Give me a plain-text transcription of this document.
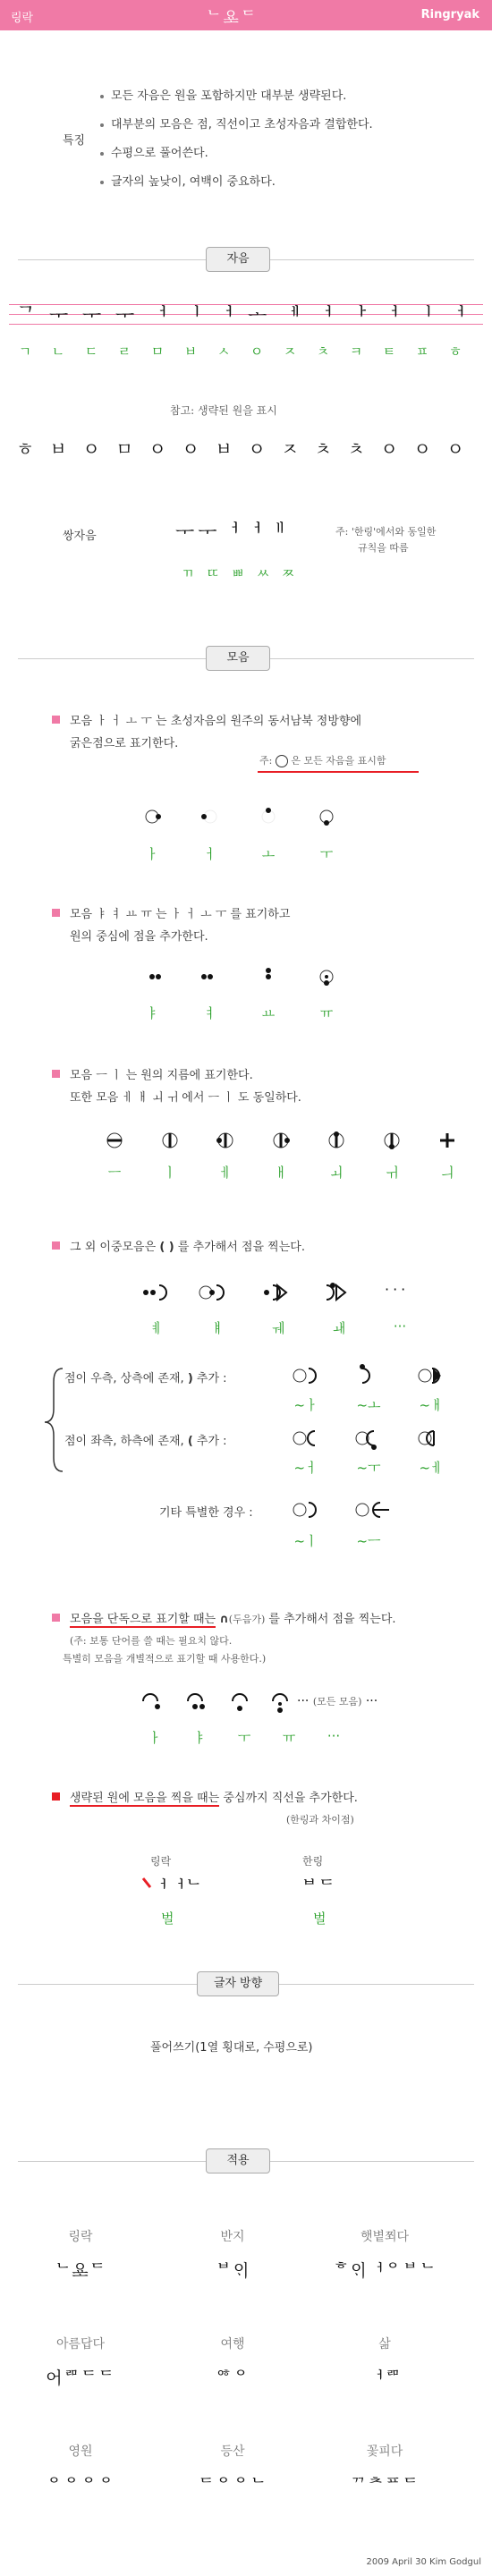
링락	ᄂᄋᆇᄃ	Ringryak
특징
모든 자음은 원을 포함하지만 대부분 생략된다.
대부분의 모음은 점, 직선이고 초성자음과 결합한다.
수평으로 풀어쓴다.
글자의 높낮이, 여백이 중요하다.
자음
ᄀ ᅮ ᅮ ᅮ ᅥ ᅵ ᅥ ᅩ ᅦ ᅥ ᅡ ᅥ ᅵ ᅥ
ㄱ ㄴ ㄷ ㄹ ㅁ ㅂ ㅅ ㅇ ㅈ ㅊ ㅋ ㅌ ㅍ ㅎ
참고: 생략된 원을 표시
ㅎ ㅂ ㅇ ㅁ ㅇ ㅇ ㅂ ㅇ ㅈ ㅊ ㅊ ㅇ ㅇ ㅇ
쌍자음	ᅮᅮᅥᅥᅵᅵ
ㄲ ㄸ ㅃ ㅆ ㅉ
주: '한링'에서와 동일한
규칙을 따름
모음
모음 ㅏ ㅓ ㅗ ㅜ 는 초성자음의 원주의 동서남북 정방향에
굵은점으로 표기한다.
주: 은 모든 자음을 표시함
ㅏ	ㅓ	ㅗ	ㅜ
모음 ㅑ ㅕ ㅛ ㅠ 는 ㅏ ㅓ ㅗ ㅜ 를 표기하고
원의 중심에 점을 추가한다.
ㅑ	ㅕ	ㅛ	ㅠ
모음 ㅡ ㅣ 는 원의 지름에 표기한다.
또한 모음 ㅔ ㅐ ㅚ ㅟ 에서 ㅡ ㅣ 도 동일하다.
ㅡ	ㅣ	ㅔ	ㅐ	ㅚ	ㅟ	ㅢ
그 외 이중모음은 ( ) 를 추가해서 점을 찍는다.
···
ㅖ	ㅒ	ㅞ	ㅙ	···
점이 우측, 상측에 존재, ) 추가 :
~ㅏ	~ㅗ	~ㅐ
점이 좌측, 하측에 존재, ( 추가 :
~ㅓ	~ㅜ	~ㅔ
기타 특별한 경우 :
~ㅣ	~ㅡ
모음을 단독으로 표기할 때는 ∩(두음가) 를 추가해서 점을 찍는다.
(주: 보통 단어를 쓸 때는 필요치 않다.
특별히 모음을 개별적으로 표기할 때 사용한다.)
··· (모든 모음) ···
ㅏ	ㅑ	ㅜ	ㅠ	···
생략된 원에 모음을 찍을 때는 중심까지 직선을 추가한다.
(한링과 차이점)
링락	한링
ᅥᅥᄂ	ᄇᄃ
벌	벌
글자 방향
풀어쓰기(1열 횡대로, 수평으로)
적용
링락
ᄂᄋᆇᄃ
반지
ᄇᄋᆡ
햇볕쬐다
ᄒᄋᆡᅥᄋᄇᄂ
아름답다
어ᄅᄆᄃᄃ
여행
ᄋᄒᄋ
삶
ᅥᄅᄆ
영원
ᄋᄋᄋᄋ
등산
ᄃᄋᄋᄂ
꽃피다
ᄁᄎᄑᄃ
2009 April 30 Kim Godgul
